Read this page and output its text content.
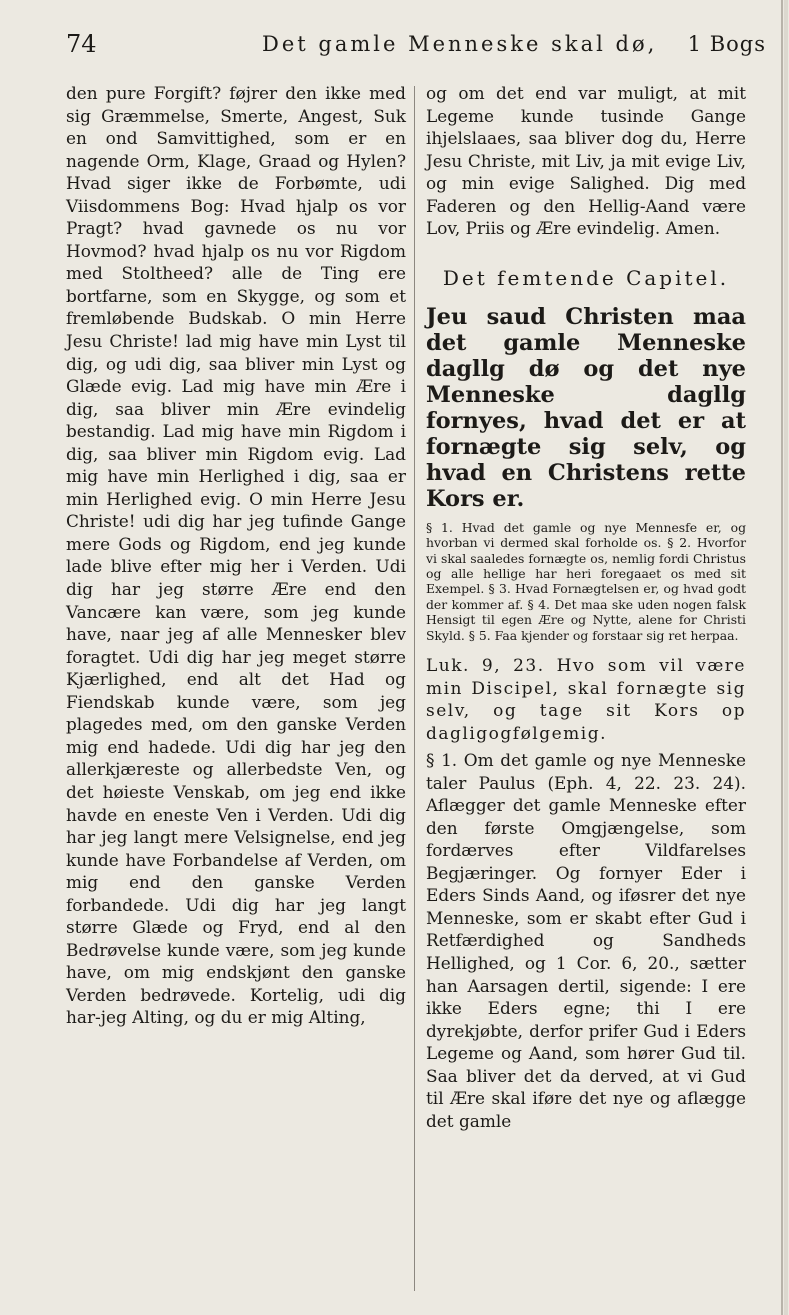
74	Det gamle Menneske skal dø, 1 Bogs
den pure Forgift? føjrer den ikke med sig Græmmelse, Smerte, Angest, Suk en ond Samvittighed, som er en nagende Orm, Klage, Graad og Hylen? Hvad siger ikke de Forbømte, udi Viisdommens Bog: Hvad hjalp os vor Pragt? hvad gavnede os nu vor Hovmod? hvad hjalp os nu vor Rigdom med Stoltheed? alle de Ting ere bortfarne, som en Skygge, og som et fremløbende Budskab. O min Herre Jesu Christe! lad mig have min Lyst til dig, og udi dig, saa bliver min Lyst og Glæde evig. Lad mig have min Ære i dig, saa bliver min Ære evindelig bestandig. Lad mig have min Rigdom i dig, saa bliver min Rigdom evig. Lad mig have min Herlighed i dig, saa er min Herlighed evig. O min Herre Jesu Christe! udi dig har jeg tufinde Gange mere Gods og Rigdom, end jeg kunde lade blive efter mig her i Verden. Udi dig har jeg større Ære end den Vancære kan være, som jeg kunde have, naar jeg af alle Mennesker blev foragtet. Udi dig har jeg meget større Kjærlighed, end alt det Had og Fiendskab kunde være, som jeg plagedes med, om den ganske Verden mig end hadede. Udi dig har jeg den allerkjæreste og allerbedste Ven, og det høieste Venskab, om jeg end ikke havde en eneste Ven i Verden. Udi dig har jeg langt mere Velsignelse, end jeg kunde have Forbandelse af Verden, om mig end den ganske Verden forbandede. Udi dig har jeg langt større Glæde og Fryd, end al den Bedrøvelse kunde være, som jeg kunde have, om mig endskjønt den ganske Verden bedrøvede. Kortelig, udi dig har-jeg Alting, og du er mig Alting,
og om det end var muligt, at mit Legeme kunde tusinde Gange ihjelslaaes, saa bliver dog du, Herre Jesu Christe, mit Liv, ja mit evige Liv, og min evige Salighed. Dig med Faderen og den Hellig-Aand være Lov, Priis og Ære evindelig. Amen.
Det femtende Capitel.
Jeu saud Christen maa det gamle Menneske dagllg dø og det nye Menneske dagllg fornyes, hvad det er at fornægte sig selv, og hvad en Christens rette Kors er.
§ 1. Hvad det gamle og nye Mennesfe er, og hvorban vi dermed skal forholde os. § 2. Hvorfor vi skal saaledes fornægte os, nemlig fordi Christus og alle hellige har heri foregaaet os med sit Exempel. § 3. Hvad Fornægtelsen er, og hvad godt der kommer af. § 4. Det maa ske uden nogen falsk Hensigt til egen Ære og Nytte, alene for Christi Skyld. § 5. Faa kjender og forstaar sig ret herpaa.
Luk. 9, 23. Hvo som vil være min Discipel, skal fornægte sig selv, og tage sit Kors op dagligogfølgemig.
§ 1. Om det gamle og nye Menneske taler Paulus (Eph. 4, 22. 23. 24). Aflægger det gamle Menneske efter den første Omgjængelse, som fordærves efter Vildfarelses Begjæringer. Og fornyer Eder i Eders Sinds Aand, og iføsrer det nye Menneske, som er skabt efter Gud i Retfærdighed og Sandheds Hellighed, og 1 Cor. 6, 20., sætter han Aarsagen dertil, sigende: I ere ikke Eders egne; thi I ere dyrekjøbte, derfor prifer Gud i Eders Legeme og Aand, som hører Gud til. Saa bliver det da derved, at vi Gud til Ære skal iføre det nye og aflægge det gamle
